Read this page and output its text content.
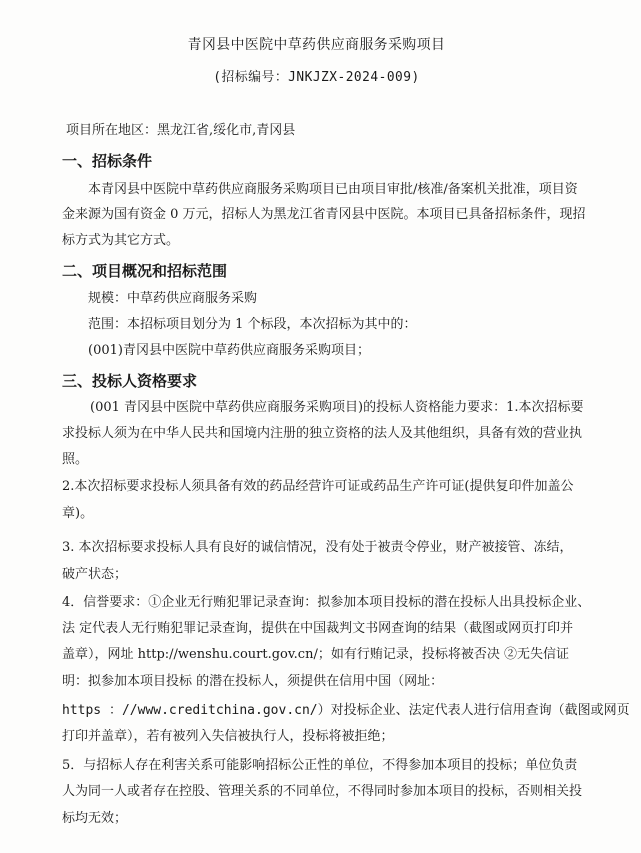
青冈县中医院中草药供应商服务采购项目
(招标编号：JNKJZX-2024-009)
项目所在地区：黑龙江省,绥化市,青冈县
一、招标条件
本青冈县中医院中草药供应商服务采购项目已由项目审批/核准/备案机关批准，项目资
金来源为国有资金 0 万元，招标人为黑龙江省青冈县中医院。本项目已具备招标条件，现招
标方式为其它方式。
二、项目概况和招标范围
规模：中草药供应商服务采购
范围：本招标项目划分为 1 个标段，本次招标为其中的：
(001)青冈县中医院中草药供应商服务采购项目；
三、投标人资格要求
(001 青冈县中医院中草药供应商服务采购项目)的投标人资格能力要求：1.本次招标要
求投标人须为在中华人民共和国境内注册的独立资格的法人及其他组织，具备有效的营业执
照。
2.本次招标要求投标人须具备有效的药品经营许可证或药品生产许可证(提供复印件加盖公
章)。
3. 本次招标要求投标人具有良好的诚信情况，没有处于被责令停业，财产被接管、冻结，
破产状态；
4．信誉要求：①企业无行贿犯罪记录查询：拟参加本项目投标的潜在投标人出具投标企业、
法 定代表人无行贿犯罪记录查询，提供在中国裁判文书网查询的结果（截图或网页打印并
盖章），网址 http://wenshu.court.gov.cn/；如有行贿记录，投标将被否决 ②无失信证
明：拟参加本项目投标 的潜在投标人，须提供在信用中国（网址：
https ：//www.creditchina.gov.cn/）对投标企业、法定代表人进行信用查询（截图或网页
打印并盖章），若有被列入失信被执行人，投标将被拒绝；
5．与招标人存在利害关系可能影响招标公正性的单位，不得参加本项目的投标；单位负责
人为同一人或者存在控股、管理关系的不同单位，不得同时参加本项目的投标，否则相关投
标均无效；
